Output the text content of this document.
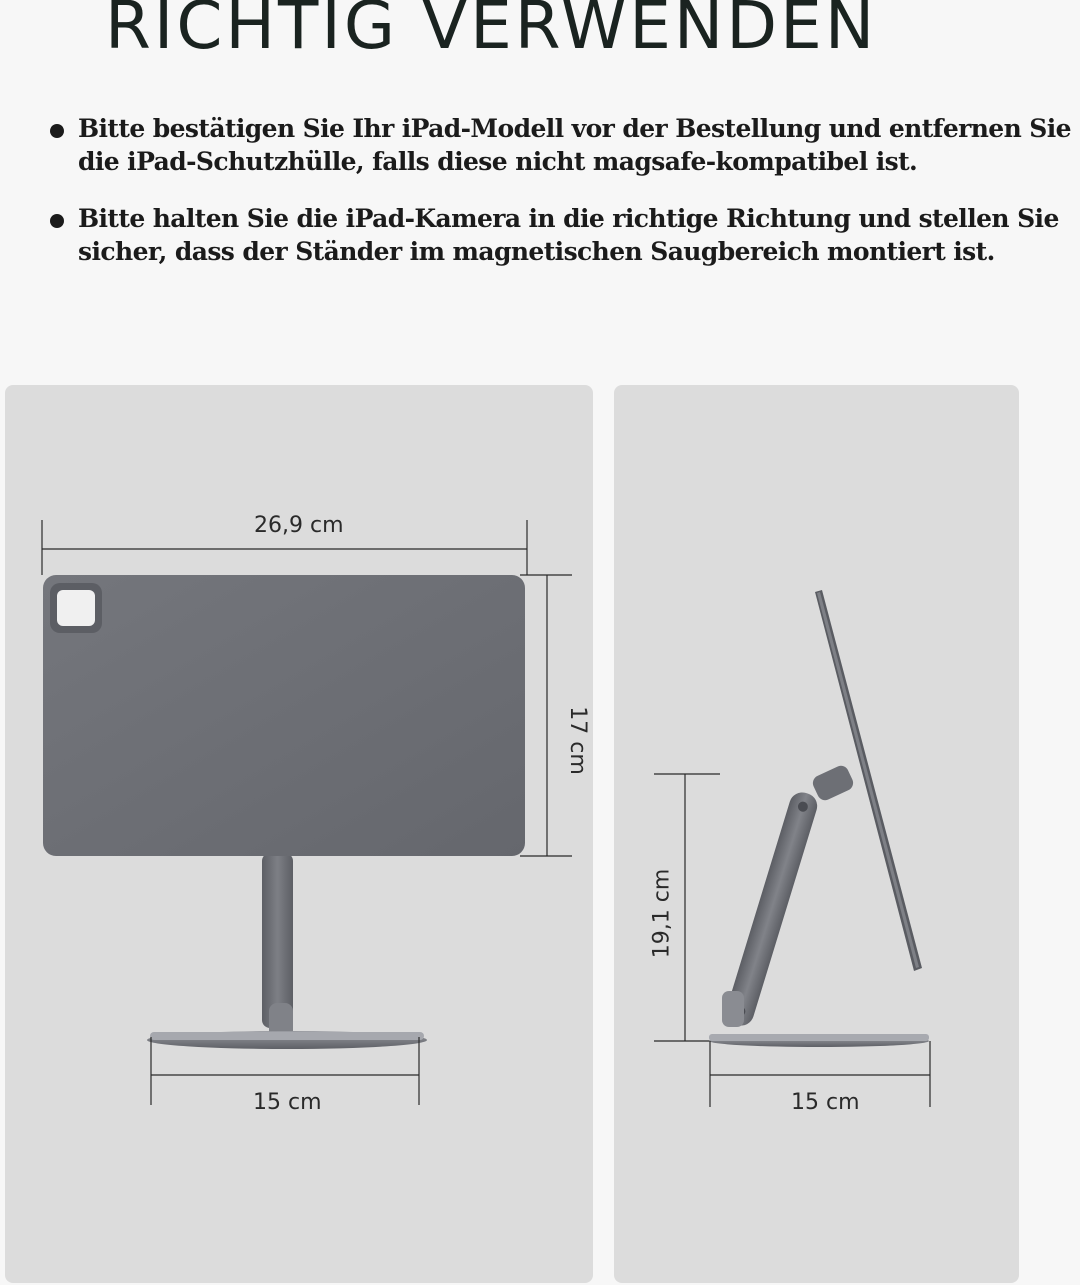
RICHTIG VERWENDEN
Bitte bestätigen Sie Ihr iPad-Modell vor der Bestellung und entfernen Sie
die iPad-Schutzhülle, falls diese nicht magsafe-kompatibel ist.
Bitte halten Sie die iPad-Kamera in die richtige Richtung und stellen Sie
sicher, dass der Ständer im magnetischen Saugbereich montiert ist.
26,9 cm
17 cm
15 cm
19,1 cm
15 cm
